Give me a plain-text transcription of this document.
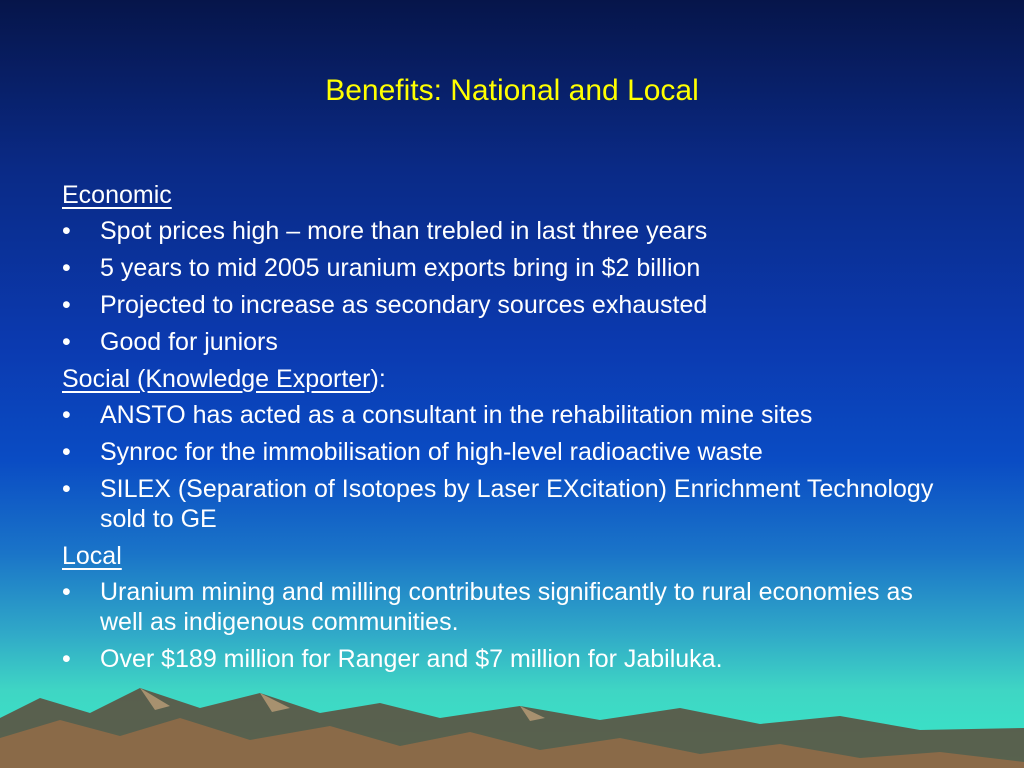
Benefits: National and Local
Economic
•	Spot prices high – more than trebled in last three years
•	5 years to mid 2005 uranium exports bring in $2 billion
•	Projected to increase as secondary sources exhausted
•	Good for juniors
Social (Knowledge Exporter):
•	ANSTO has acted as a consultant in the rehabilitation mine sites
•	Synroc for the immobilisation of high-level radioactive waste
•	SILEX (Separation of Isotopes by Laser EXcitation) Enrichment Technology sold to GE
Local
•	Uranium mining and milling contributes significantly to rural economies as well as indigenous communities.
•	Over $189 million for Ranger and $7 million for Jabiluka.
